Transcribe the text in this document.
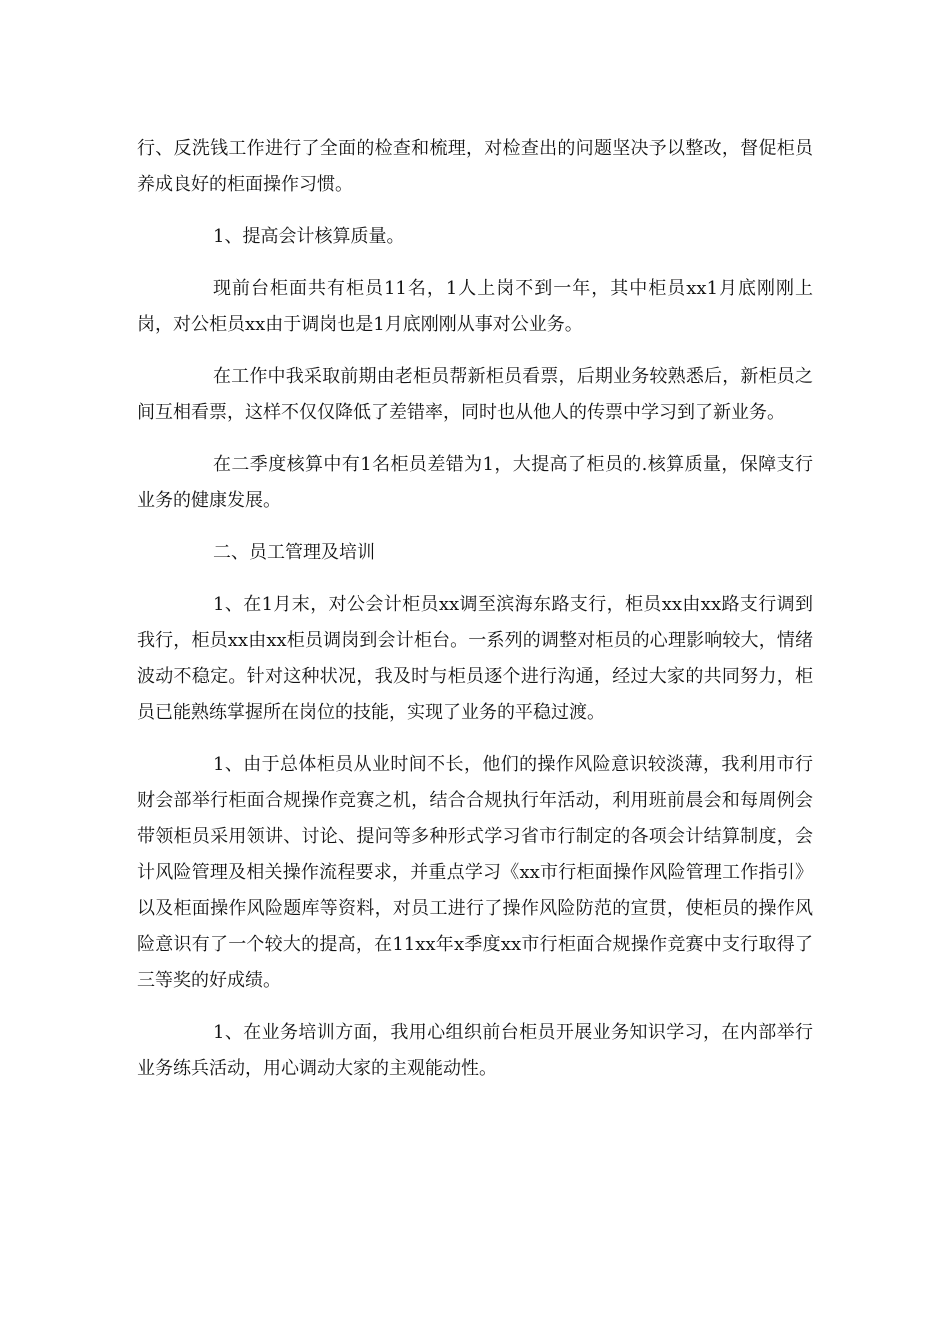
行、反洗钱工作进行了全面的检查和梳理，对检查出的问题坚决予以整改，督促柜员养成良好的柜面操作习惯。

1、提高会计核算质量。

现前台柜面共有柜员11名，1人上岗不到一年，其中柜员xx1月底刚刚上岗，对公柜员xx由于调岗也是1月底刚刚从事对公业务。

在工作中我采取前期由老柜员帮新柜员看票，后期业务较熟悉后，新柜员之间互相看票，这样不仅仅降低了差错率，同时也从他人的传票中学习到了新业务。

在二季度核算中有1名柜员差错为1，大提高了柜员的.核算质量，保障支行业务的健康发展。

二、员工管理及培训

1、在1月末，对公会计柜员xx调至滨海东路支行，柜员xx由xx路支行调到我行，柜员xx由xx柜员调岗到会计柜台。一系列的调整对柜员的心理影响较大，情绪波动不稳定。针对这种状况，我及时与柜员逐个进行沟通，经过大家的共同努力，柜员已能熟练掌握所在岗位的技能，实现了业务的平稳过渡。

1、由于总体柜员从业时间不长，他们的操作风险意识较淡薄，我利用市行财会部举行柜面合规操作竞赛之机，结合合规执行年活动，利用班前晨会和每周例会带领柜员采用领讲、讨论、提问等多种形式学习省市行制定的各项会计结算制度，会计风险管理及相关操作流程要求，并重点学习《xx市行柜面操作风险管理工作指引》以及柜面操作风险题库等资料，对员工进行了操作风险防范的宣贯，使柜员的操作风险意识有了一个较大的提高，在11xx年x季度xx市行柜面合规操作竞赛中支行取得了三等奖的好成绩。

1、在业务培训方面，我用心组织前台柜员开展业务知识学习，在内部举行业务练兵活动，用心调动大家的主观能动性。
